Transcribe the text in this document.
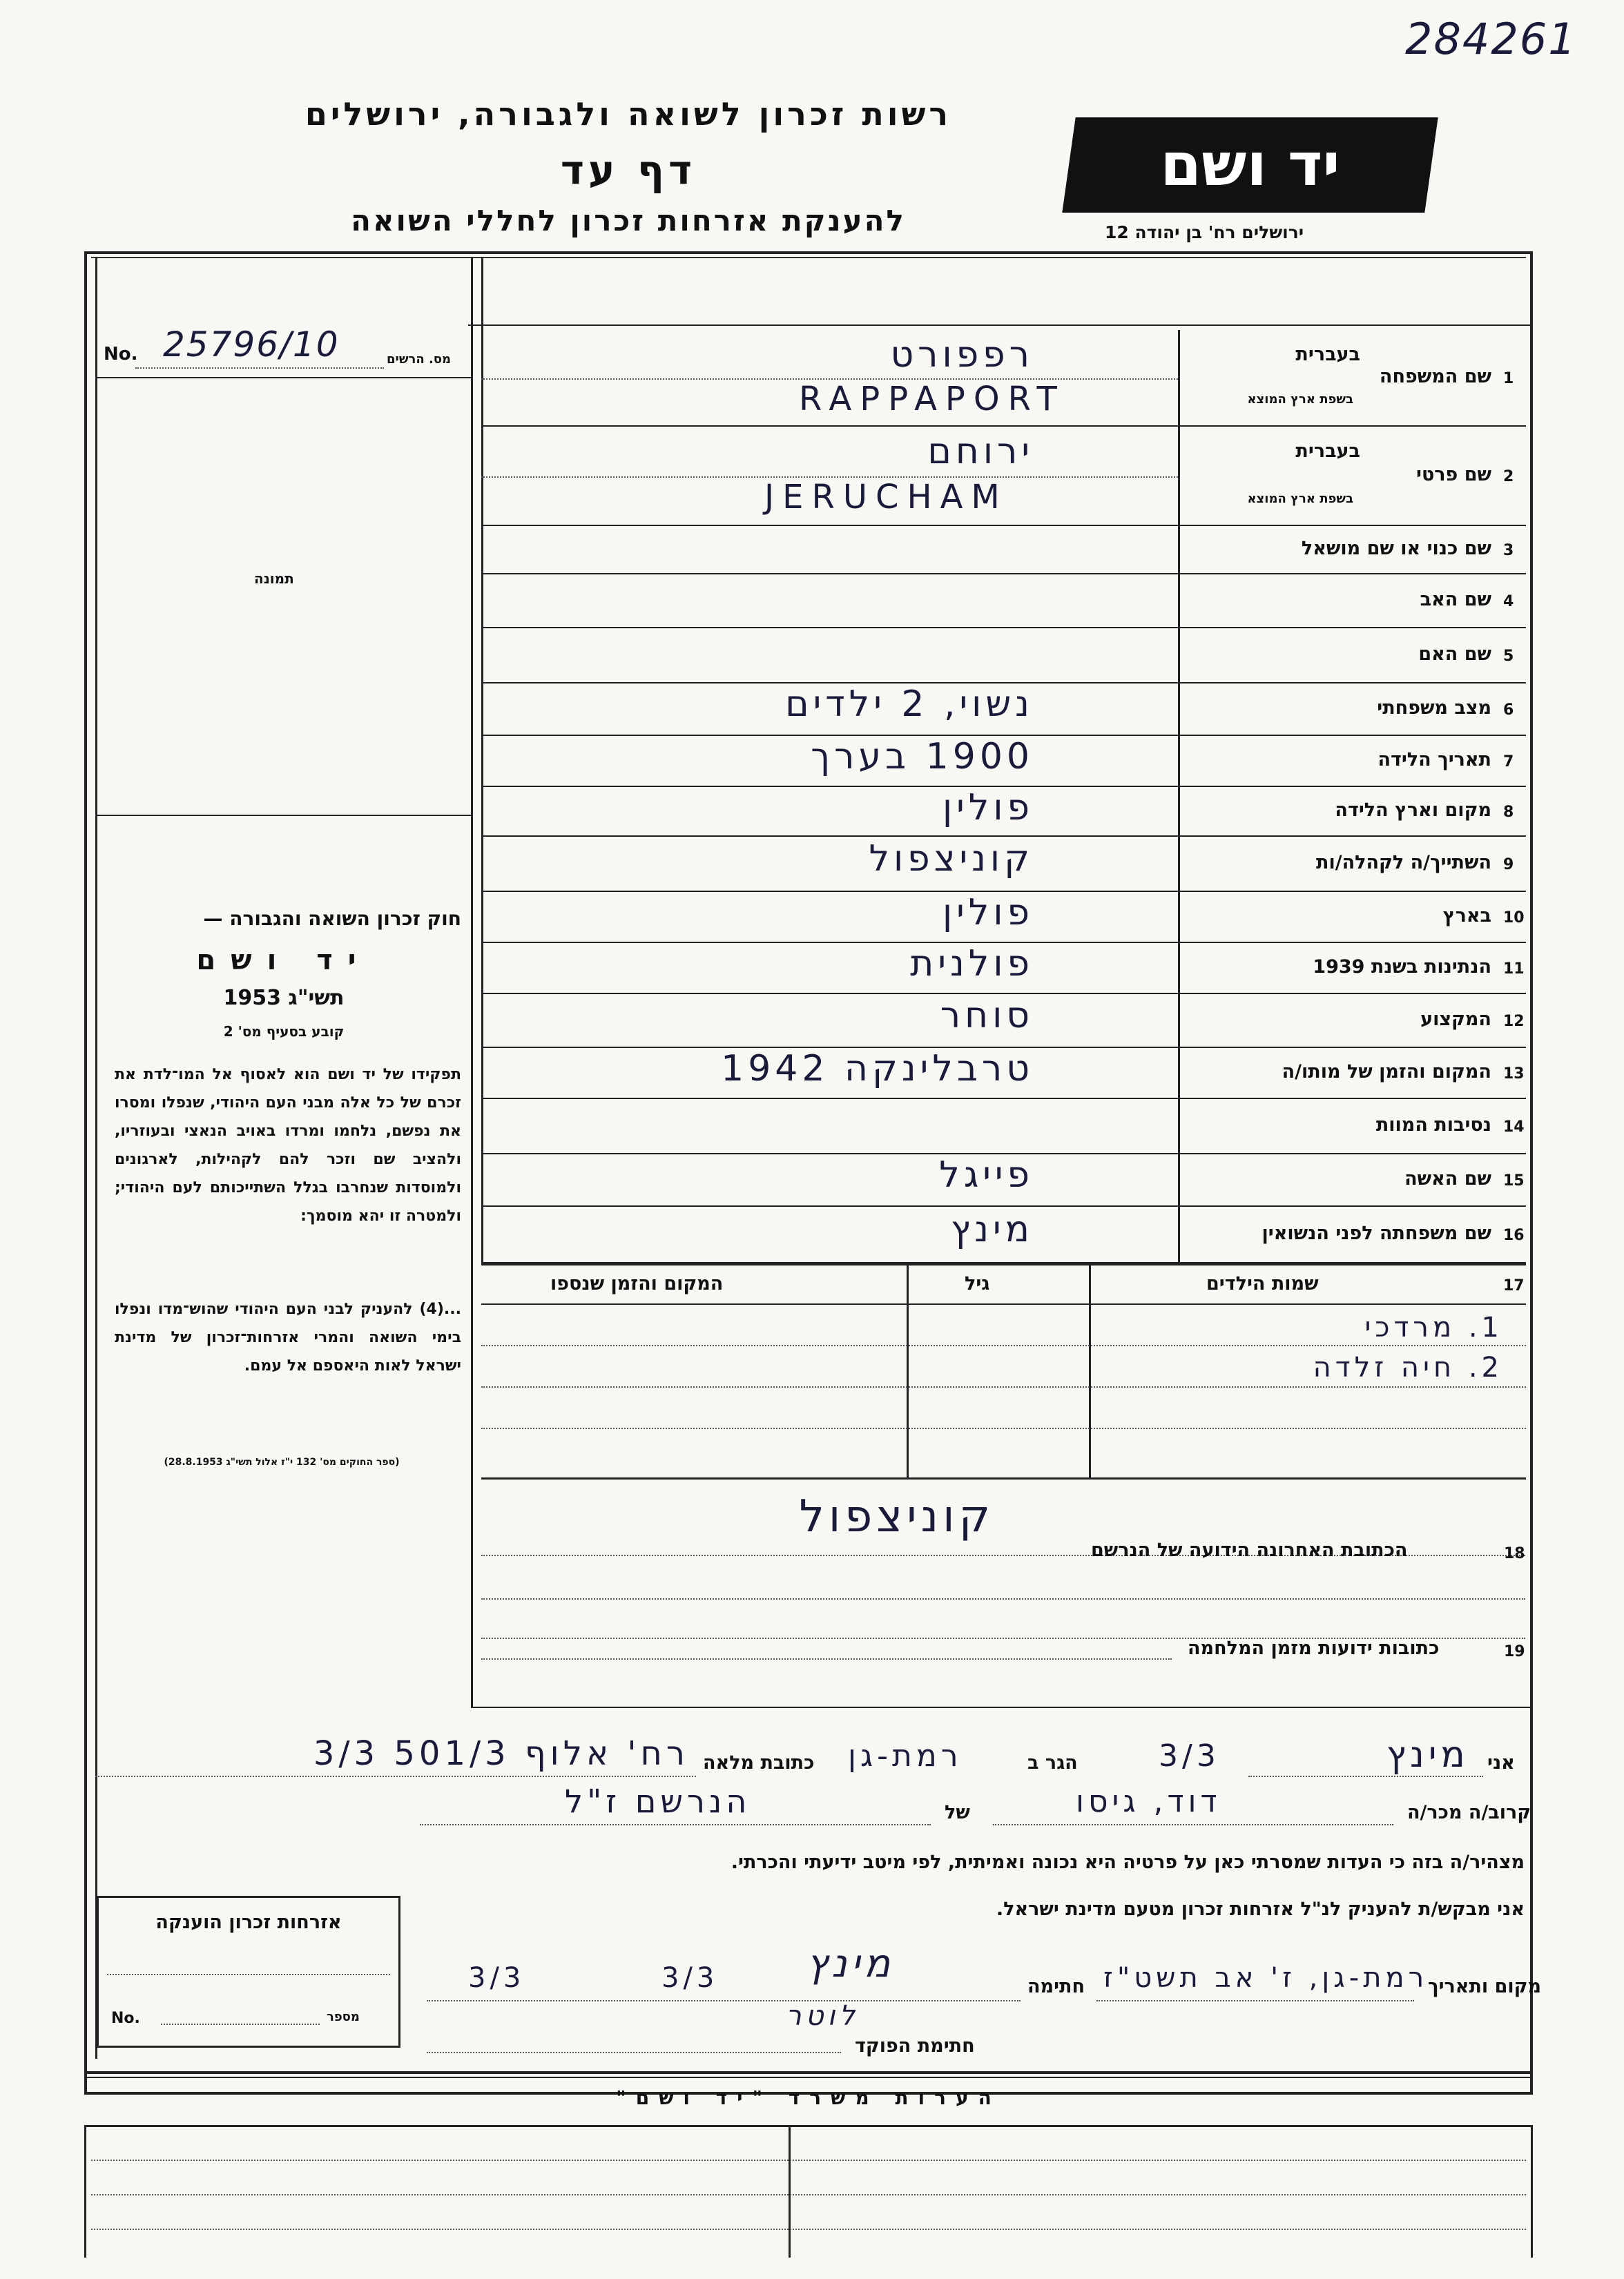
284261
רשות זכרון לשואה ולגבורה, ירושלים
דף עד
להענקת אזרחות זכרון לחללי השואה
יד ושם
ירושלים רח' בן יהודה 12
No. 25796/10	מס. הרשים
תמונה
חוק זכרון השואה והגבורה —
יד ושם
תשי"ג 1953
קובע בסעיף מס' 2
תפקידו של יד ושם הוא לאסוף אל המו־לדת את זכרם של כל אלה מבני העם היהודי, שנפלו ומסרו את נפשם, נלחמו ומרדו באויב הנאצי ובעוזריו, ולהציב שם וזכר להם לקהילות, לארגונים ולמוסדות שנחרבו בגלל השתייכותם לעם היהודי; ולמטרה זו יהא מוסמך:
...(4) להעניק לבני העם היהודי שהוש־מדו ונפלו בימי השואה והמרי אזרחות־זכרון של מדינת ישראל לאות היאספם אל עמם.
(ספר החוקים מס' 132 י"ז אלול תשי"ג 28.8.1953)
1
שם המשפחה
בעברית
בשפת ארץ המוצא
רפפורט
RAPPAPORT
2
שם פרטי
בעברית
בשפת ארץ המוצא
ירוחם
JERUCHAM
3
שם כנוי או שם מושאל
4
שם האב
5
שם האם
6
מצב משפחתי
נשוי, 2 ילדים
7
תאריך הלידה
1900 בערך
8
מקום וארץ הלידה
פולין
9
השתייך/ה לקהלה/ות
קוניצפול
10
בארץ
פולין
11
הנתינות בשנת 1939
פולנית
12
המקצוע
סוחר
13
המקום והזמן של מותו/ה
טרבלינקה 1942
14
נסיבות המוות
15
שם האשה
פייגל
16
שם משפחתה לפני הנשואין
מינץ
17
שמות הילדים
גיל
המקום והזמן שנספו
1. מרדכי
2. חיה זלדה
קוניצפול
18
הכתובת האחרונה הידועה של הנרשם
19
כתובות ידועות מזמן המלחמה
אני
מינץ
3/3
הגר ב
רמת-גן
כתובת מלאה
רח' אלוף 501/3 3/3
קרוב/ה מכר/ה
דוד, גיסו
של
הנרשם ז"ל
מצהיר/ה בזה כי העדות שמסרתי כאן על פרטיה היא נכונה ואמיתית, לפי מיטב ידיעתי והכרתי.
אני מבקש/ת להעניק לנ"ל אזרחות זכרון מטעם מדינת ישראל.
מקום ותאריך
רמת-גן, ז' אב תשט"ז
חתימה
מינץ
3/3
3/3
לוטר
חתימת הפוקד
אזרחות זכרון הוענקה
No.	מספר
הערות משרד "יד ושם"
